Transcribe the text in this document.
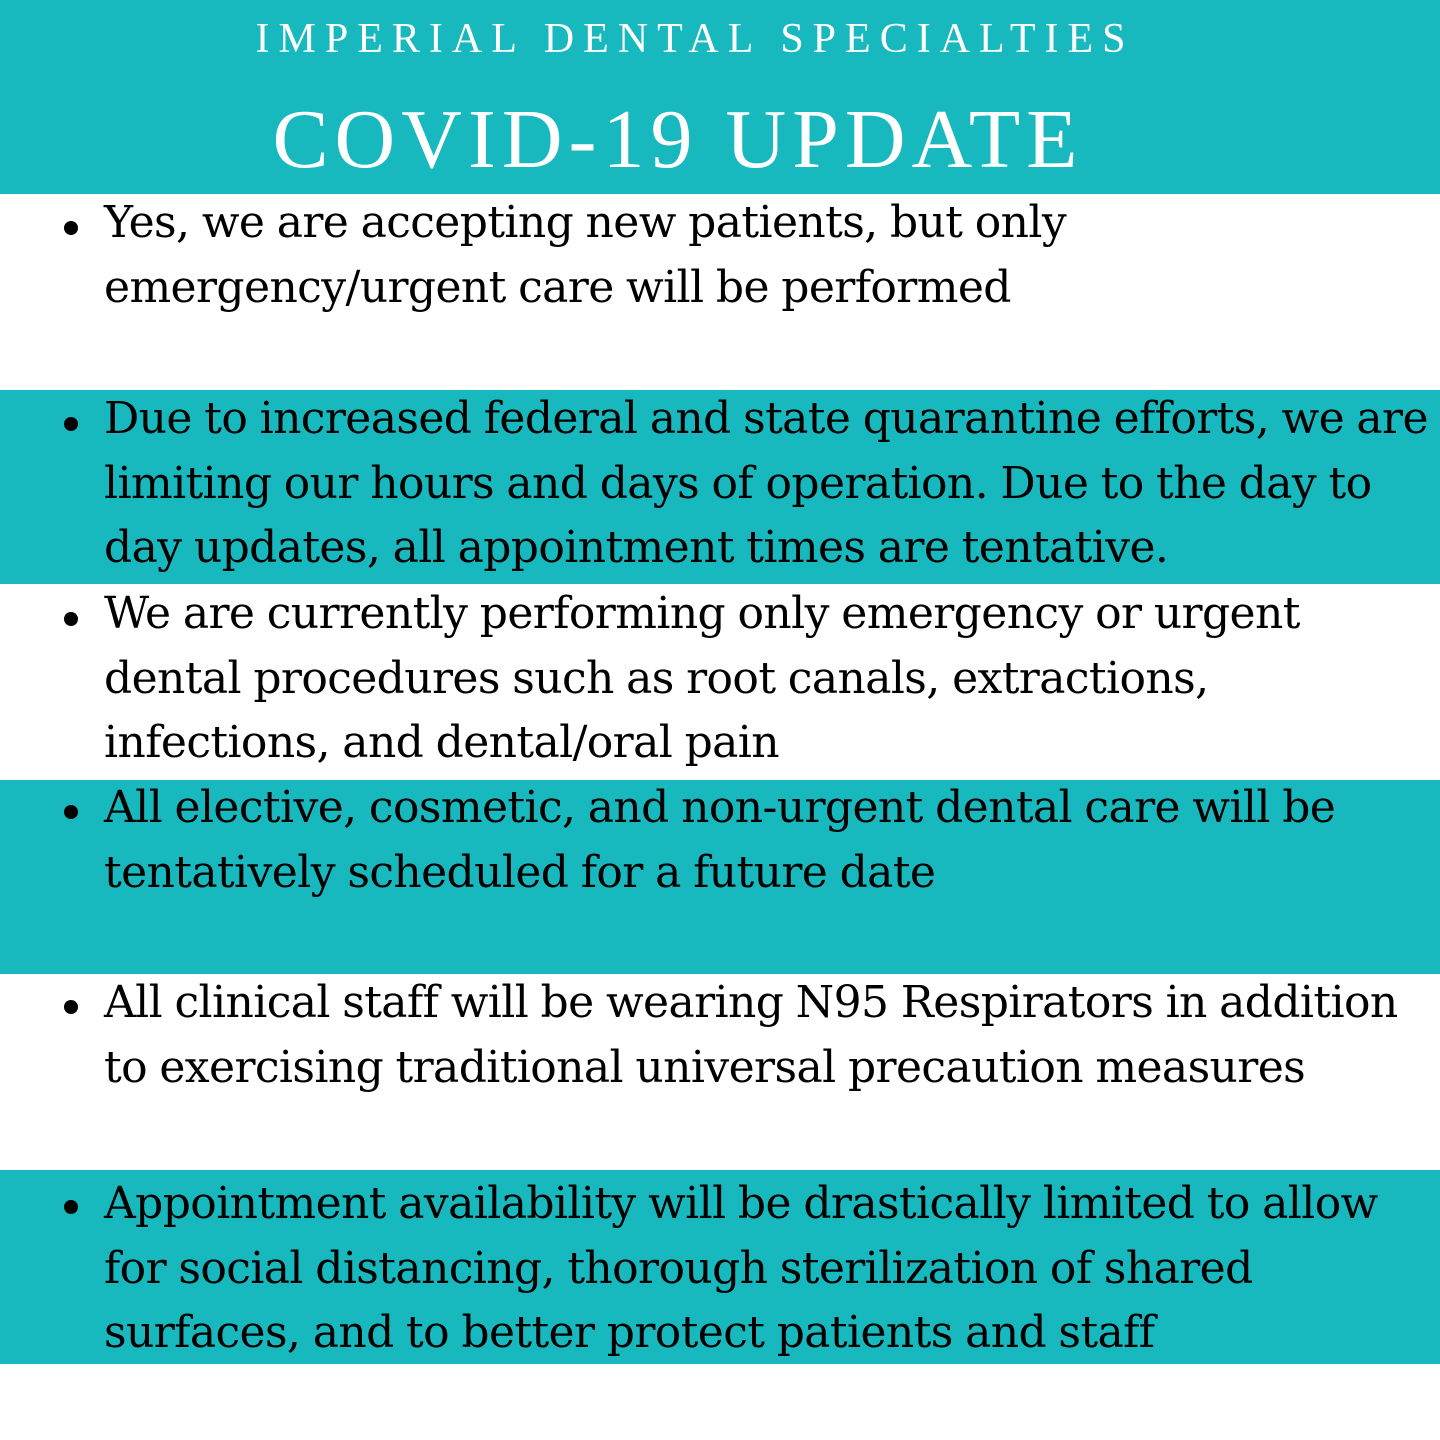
IMPERIAL DENTAL SPECIALTIES
COVID-19 UPDATE
Yes, we are accepting new patients, but only emergency/urgent care will be performed
Due to increased federal and state quarantine efforts, we are limiting our hours and days of operation. Due to the day to day updates, all appointment times are tentative.
We are currently performing only emergency or urgent dental procedures such as root canals, extractions, infections, and dental/oral pain
All elective, cosmetic, and non-urgent dental care will be tentatively scheduled for a future date
All clinical staff will be wearing N95 Respirators in addition to exercising traditional universal precaution measures
Appointment availability will be drastically limited to allow for social distancing, thorough sterilization of shared surfaces, and to better protect patients and staff
